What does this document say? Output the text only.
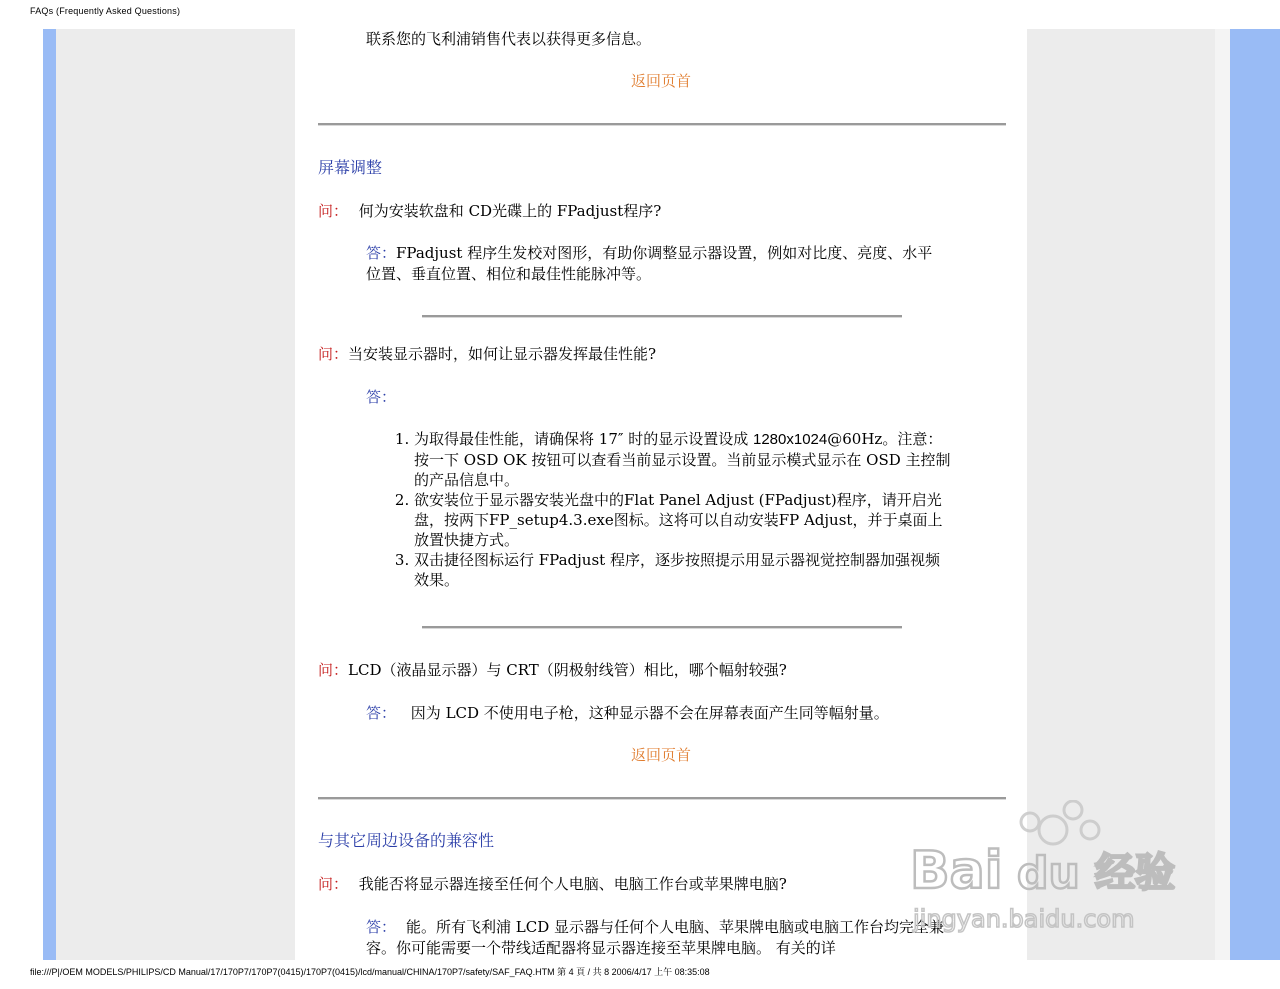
FAQs (Frequently Asked Questions)
联系您的飞利浦销售代表以获得更多信息。
返回页首
屏幕调整
问： 何为安装软盘和 CD光碟上的 FPadjust程序?
答：FPadjust 程序生发校对图形，有助你调整显示器设置，例如对比度、亮度、水平位置、垂直位置、相位和最佳性能脉冲等。
问：当安装显示器时，如何让显示器发挥最佳性能?
答：
1. 为取得最佳性能，请确保将 17″ 时的显示设置设成 1280x1024@60Hz。注意：按一下 OSD OK 按钮可以查看当前显示设置。当前显示模式显示在 OSD 主控制的产品信息中。
2. 欲安装位于显示器安装光盘中的Flat Panel Adjust (FPadjust)程序，请开启光盘，按两下FP_setup4.3.exe图标。这将可以自动安装FP Adjust，并于桌面上放置快捷方式。
3. 双击捷径图标运行 FPadjust 程序，逐步按照提示用显示器视觉控制器加强视频效果。
问：LCD（液晶显示器）与 CRT（阴极射线管）相比，哪个幅射较强?
答： 因为 LCD 不使用电子枪，这种显示器不会在屏幕表面产生同等幅射量。
返回页首
与其它周边设备的兼容性
问： 我能否将显示器连接至任何个人电脑、电脑工作台或苹果牌电脑?
答： 能。所有飞利浦 LCD 显示器与任何个人电脑、苹果牌电脑或电脑工作台均完全兼容。你可能需要一个带线适配器将显示器连接至苹果牌电脑。 有关的详
Bai du 经验
jingyan.baidu.com
file:///P|/OEM MODELS/PHILIPS/CD Manual/17/170P7/170P7(0415)/170P7(0415)/lcd/manual/CHINA/170P7/safety/SAF_FAQ.HTM 第 4 頁 / 共 8 2006/4/17 上午 08:35:08
